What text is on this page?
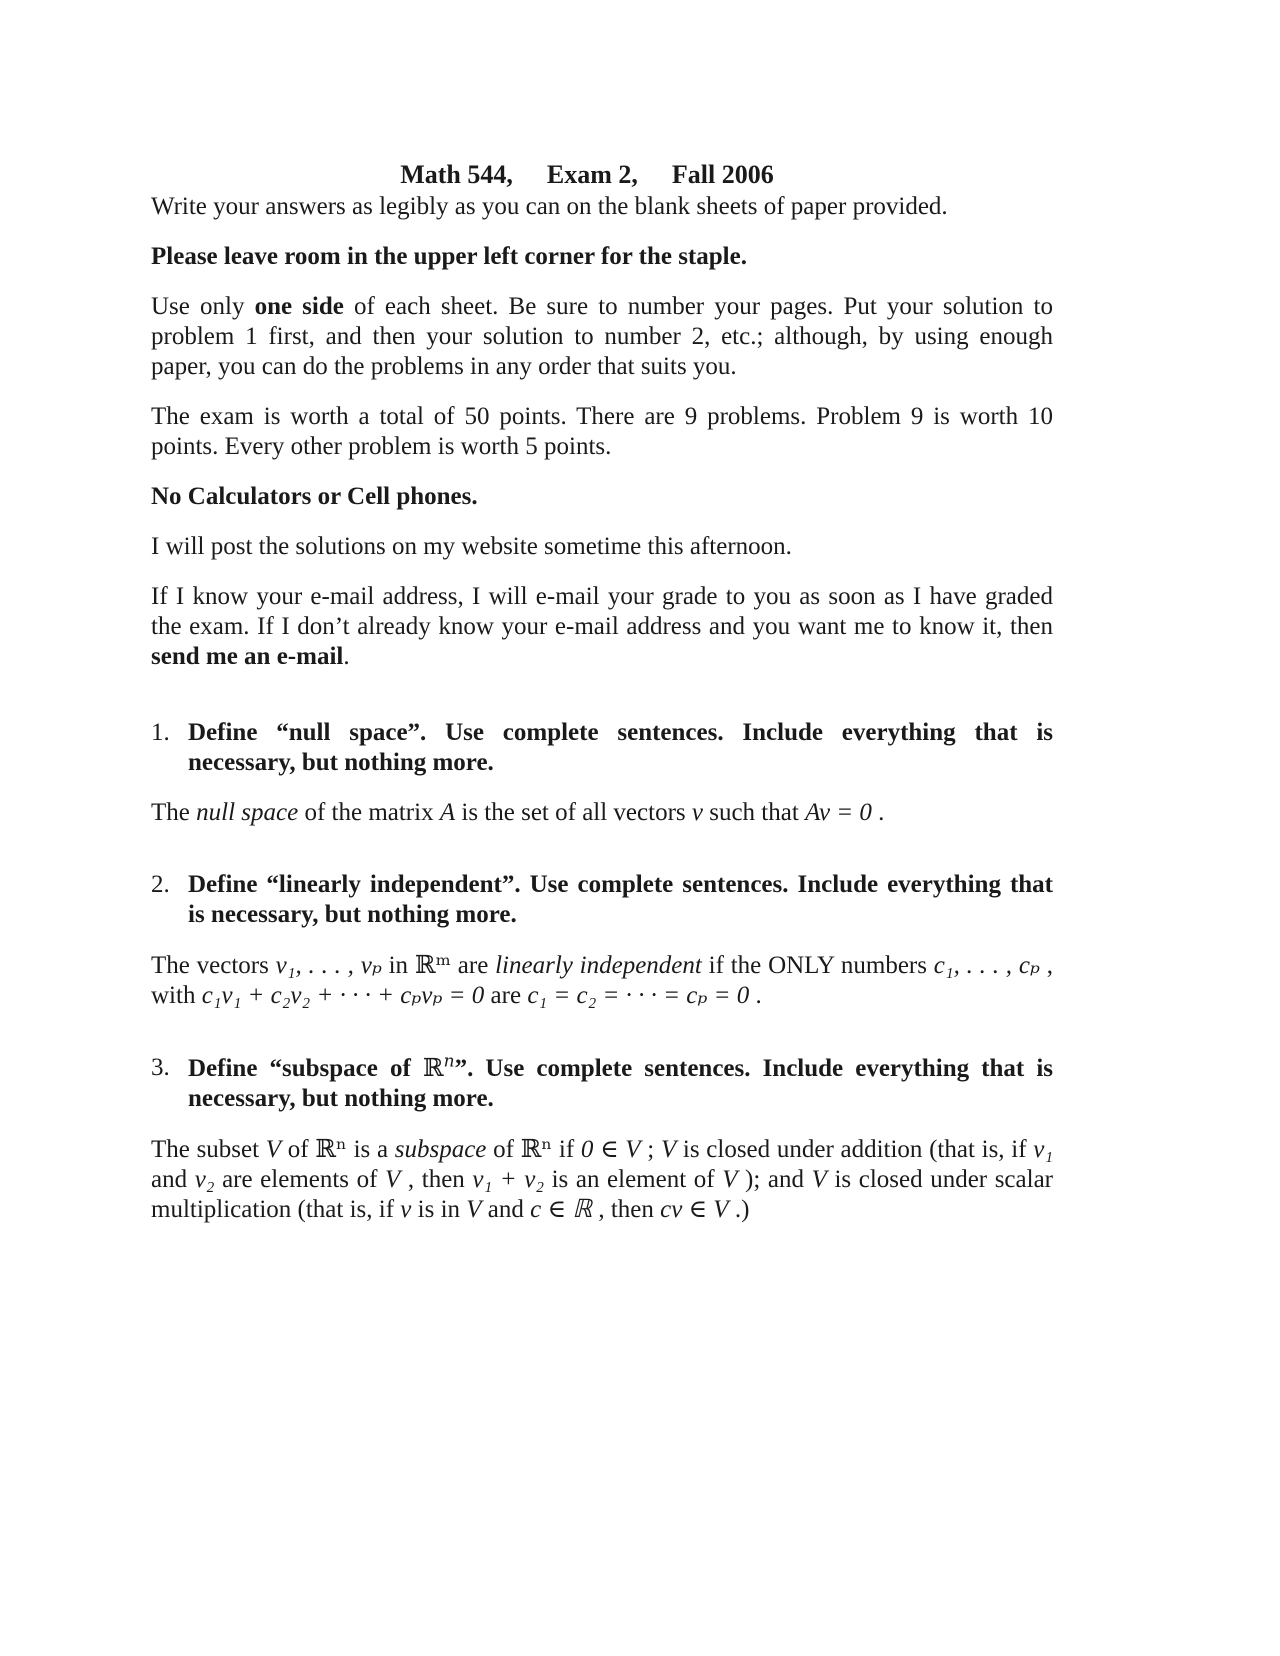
Math 544, Exam 2, Fall 2006

Write your answers as legibly as you can on the blank sheets of paper provided.

Please leave room in the upper left corner for the staple.

Use only one side of each sheet. Be sure to number your pages. Put your solution to problem 1 first, and then your solution to number 2, etc.; although, by using enough paper, you can do the problems in any order that suits you.

The exam is worth a total of 50 points. There are 9 problems. Problem 9 is worth 10 points. Every other problem is worth 5 points.

No Calculators or Cell phones.

I will post the solutions on my website sometime this afternoon.

If I know your e-mail address, I will e-mail your grade to you as soon as I have graded the exam. If I don’t already know your e-mail address and you want me to know it, then send me an e-mail.

1. Define “null space”. Use complete sentences. Include everything that is necessary, but nothing more.

The null space of the matrix A is the set of all vectors v such that Av = 0 .

2. Define “linearly independent”. Use complete sentences. Include everything that is necessary, but nothing more.

The vectors v₁, . . . , vₚ in ℝᵐ are linearly independent if the ONLY numbers c₁, . . . , cₚ , with c₁v₁ + c₂v₂ + · · · + cₚvₚ = 0 are c₁ = c₂ = · · · = cₚ = 0 .

3. Define “subspace of ℝ$^n$”. Use complete sentences. Include everything that is necessary, but nothing more.

The subset V of ℝⁿ is a subspace of ℝⁿ if 0 ∈ V ; V is closed under addition (that is, if v₁ and v₂ are elements of V , then v₁ + v₂ is an element of V ); and V is closed under scalar multiplication (that is, if v is in V and c ∈ ℝ , then cv ∈ V .)
